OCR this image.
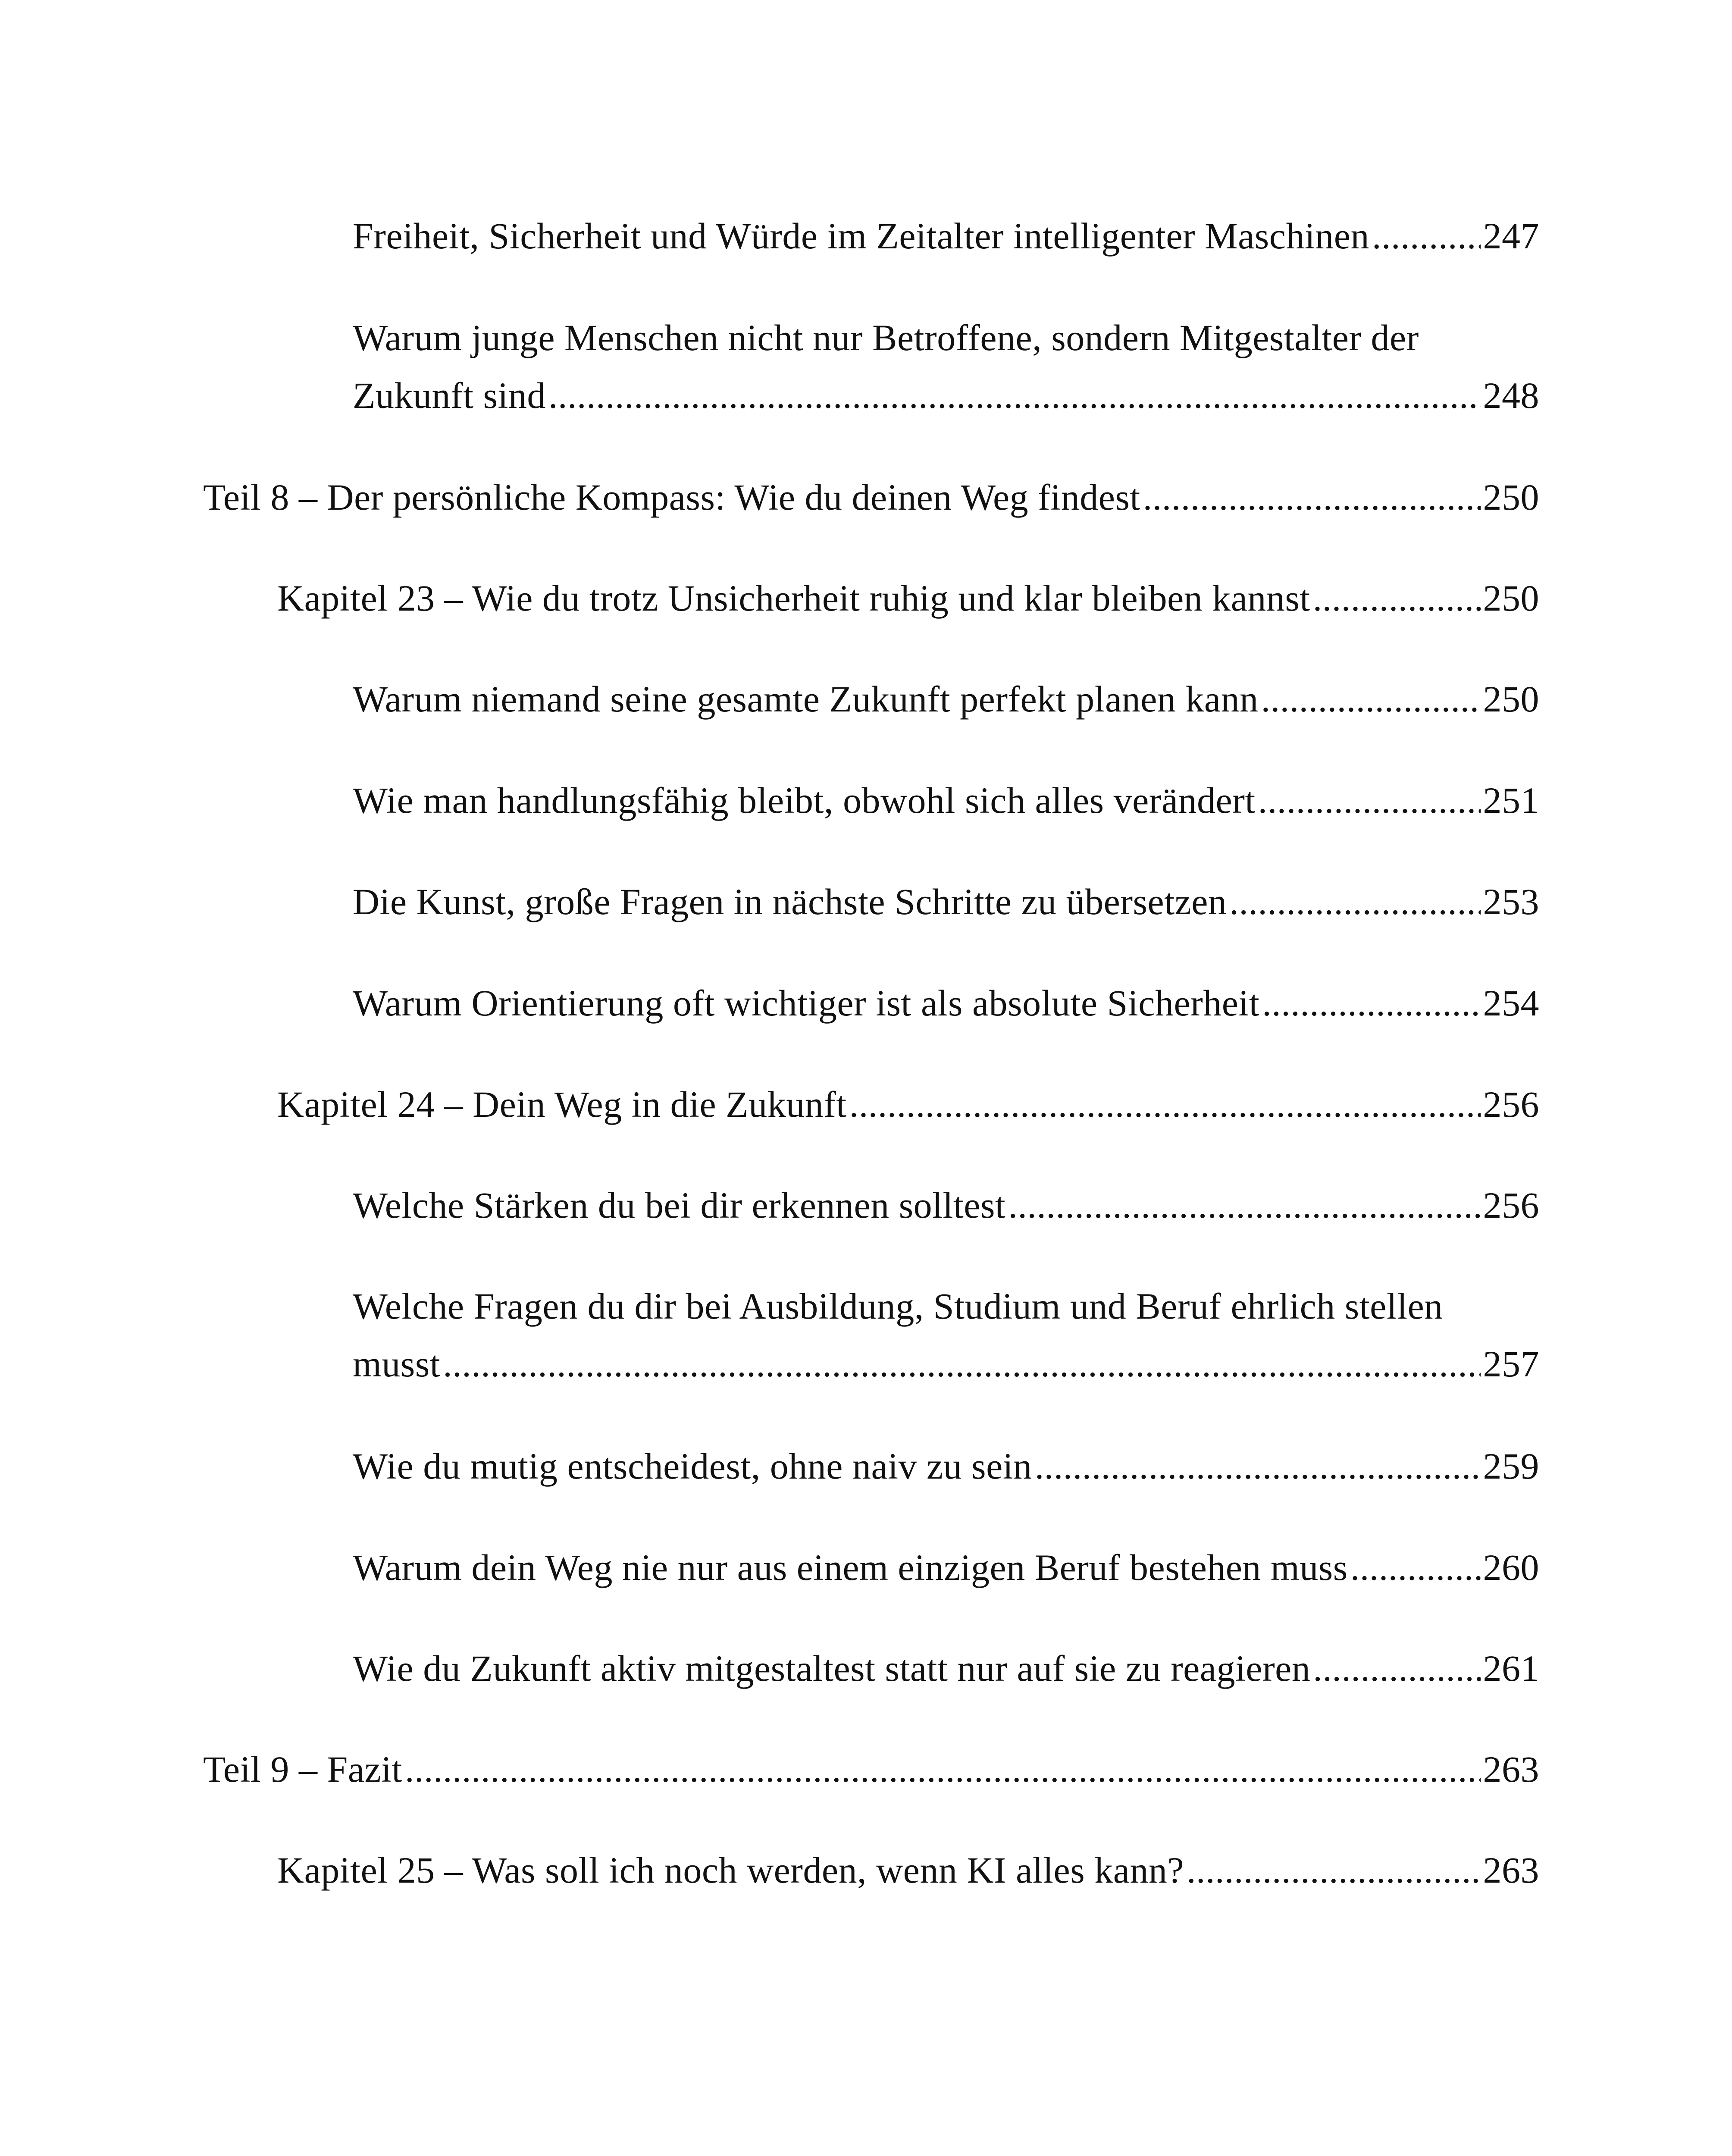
Freiheit, Sicherheit und Würde im Zeitalter intelligenter Maschinen .....	247
Warum junge Menschen nicht nur Betroffene, sondern Mitgestalter der
Zukunft sind .....	248
Teil 8 – Der persönliche Kompass: Wie du deinen Weg findest .....	250
Kapitel 23 – Wie du trotz Unsicherheit ruhig und klar bleiben kannst .....	250
Warum niemand seine gesamte Zukunft perfekt planen kann .....	250
Wie man handlungsfähig bleibt, obwohl sich alles verändert .....	251
Die Kunst, große Fragen in nächste Schritte zu übersetzen .....	253
Warum Orientierung oft wichtiger ist als absolute Sicherheit .....	254
Kapitel 24 – Dein Weg in die Zukunft .....	256
Welche Stärken du bei dir erkennen solltest .....	256
Welche Fragen du dir bei Ausbildung, Studium und Beruf ehrlich stellen
musst .....	257
Wie du mutig entscheidest, ohne naiv zu sein .....	259
Warum dein Weg nie nur aus einem einzigen Beruf bestehen muss .....	260
Wie du Zukunft aktiv mitgestaltest statt nur auf sie zu reagieren .....	261
Teil 9 – Fazit .....	263
Kapitel 25 – Was soll ich noch werden, wenn KI alles kann? .....	263
